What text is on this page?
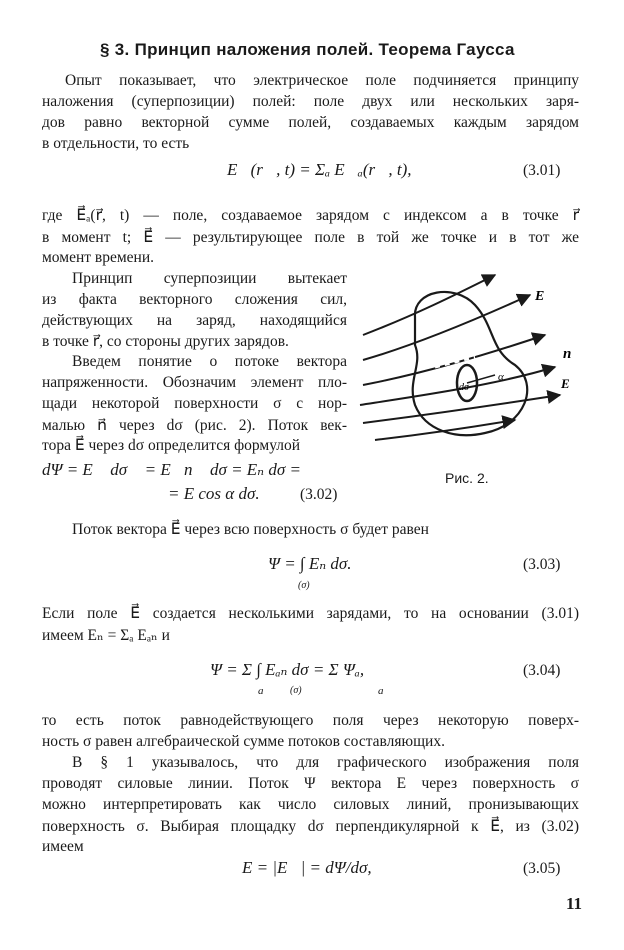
§ 3. Принцип наложения полей. Теорема Гаусса
Опыт показывает, что электрическое поле подчиняется принципу
наложения (суперпозиции) полей: поле двух или нескольких заря-
дов равно векторной сумме полей, создаваемых каждым зарядом
в отдельности, то есть
E⃗(r⃗, t) = Σₐ E⃗ₐ(r⃗, t),	(3.01)
где E⃗ₐ(r⃗, t) — поле, создаваемое зарядом с индексом a в точке r⃗
в момент t; E⃗ — результирующее поле в той же точке и в тот же
момент времени.
Принцип суперпозиции вытекает
из факта векторного сложения сил,
действующих на заряд, находящийся
в точке r⃗, со стороны других зарядов.
Введем понятие о потоке вектора
напряженности. Обозначим элемент пло-
щади некоторой поверхности σ с нор-
малью n⃗ через dσ (рис. 2). Поток век-
тора E⃗ через dσ определится формулой
dΨ = E⃗ dσ⃗ = E⃗n⃗ dσ = Eₙ dσ =
= E cos α dσ.	(3.02)
dσ
α
E
n
E
Рис. 2.
Поток вектора E⃗ через всю поверхность σ будет равен
Ψ = ∫ Eₙ dσ.
(σ)
(3.03)
Если поле E⃗ создается несколькими зарядами, то на основании (3.01)
имеем Eₙ = Σₐ Eₐₙ и
Ψ = Σ ∫ Eₐₙ dσ = Σ Ψₐ,
a	(σ)	a
(3.04)
то есть поток равнодействующего поля через некоторую поверх-
ность σ равен алгебраической сумме потоков составляющих.
В § 1 указывалось, что для графического изображения поля
проводят силовые линии. Поток Ψ вектора E через поверхность σ
можно интерпретировать как число силовых линий, пронизывающих
поверхность σ. Выбирая площадку dσ перпендикулярной к E⃗, из (3.02)
имеем
E = |E⃗| = dΨ/dσ,	(3.05)
11
